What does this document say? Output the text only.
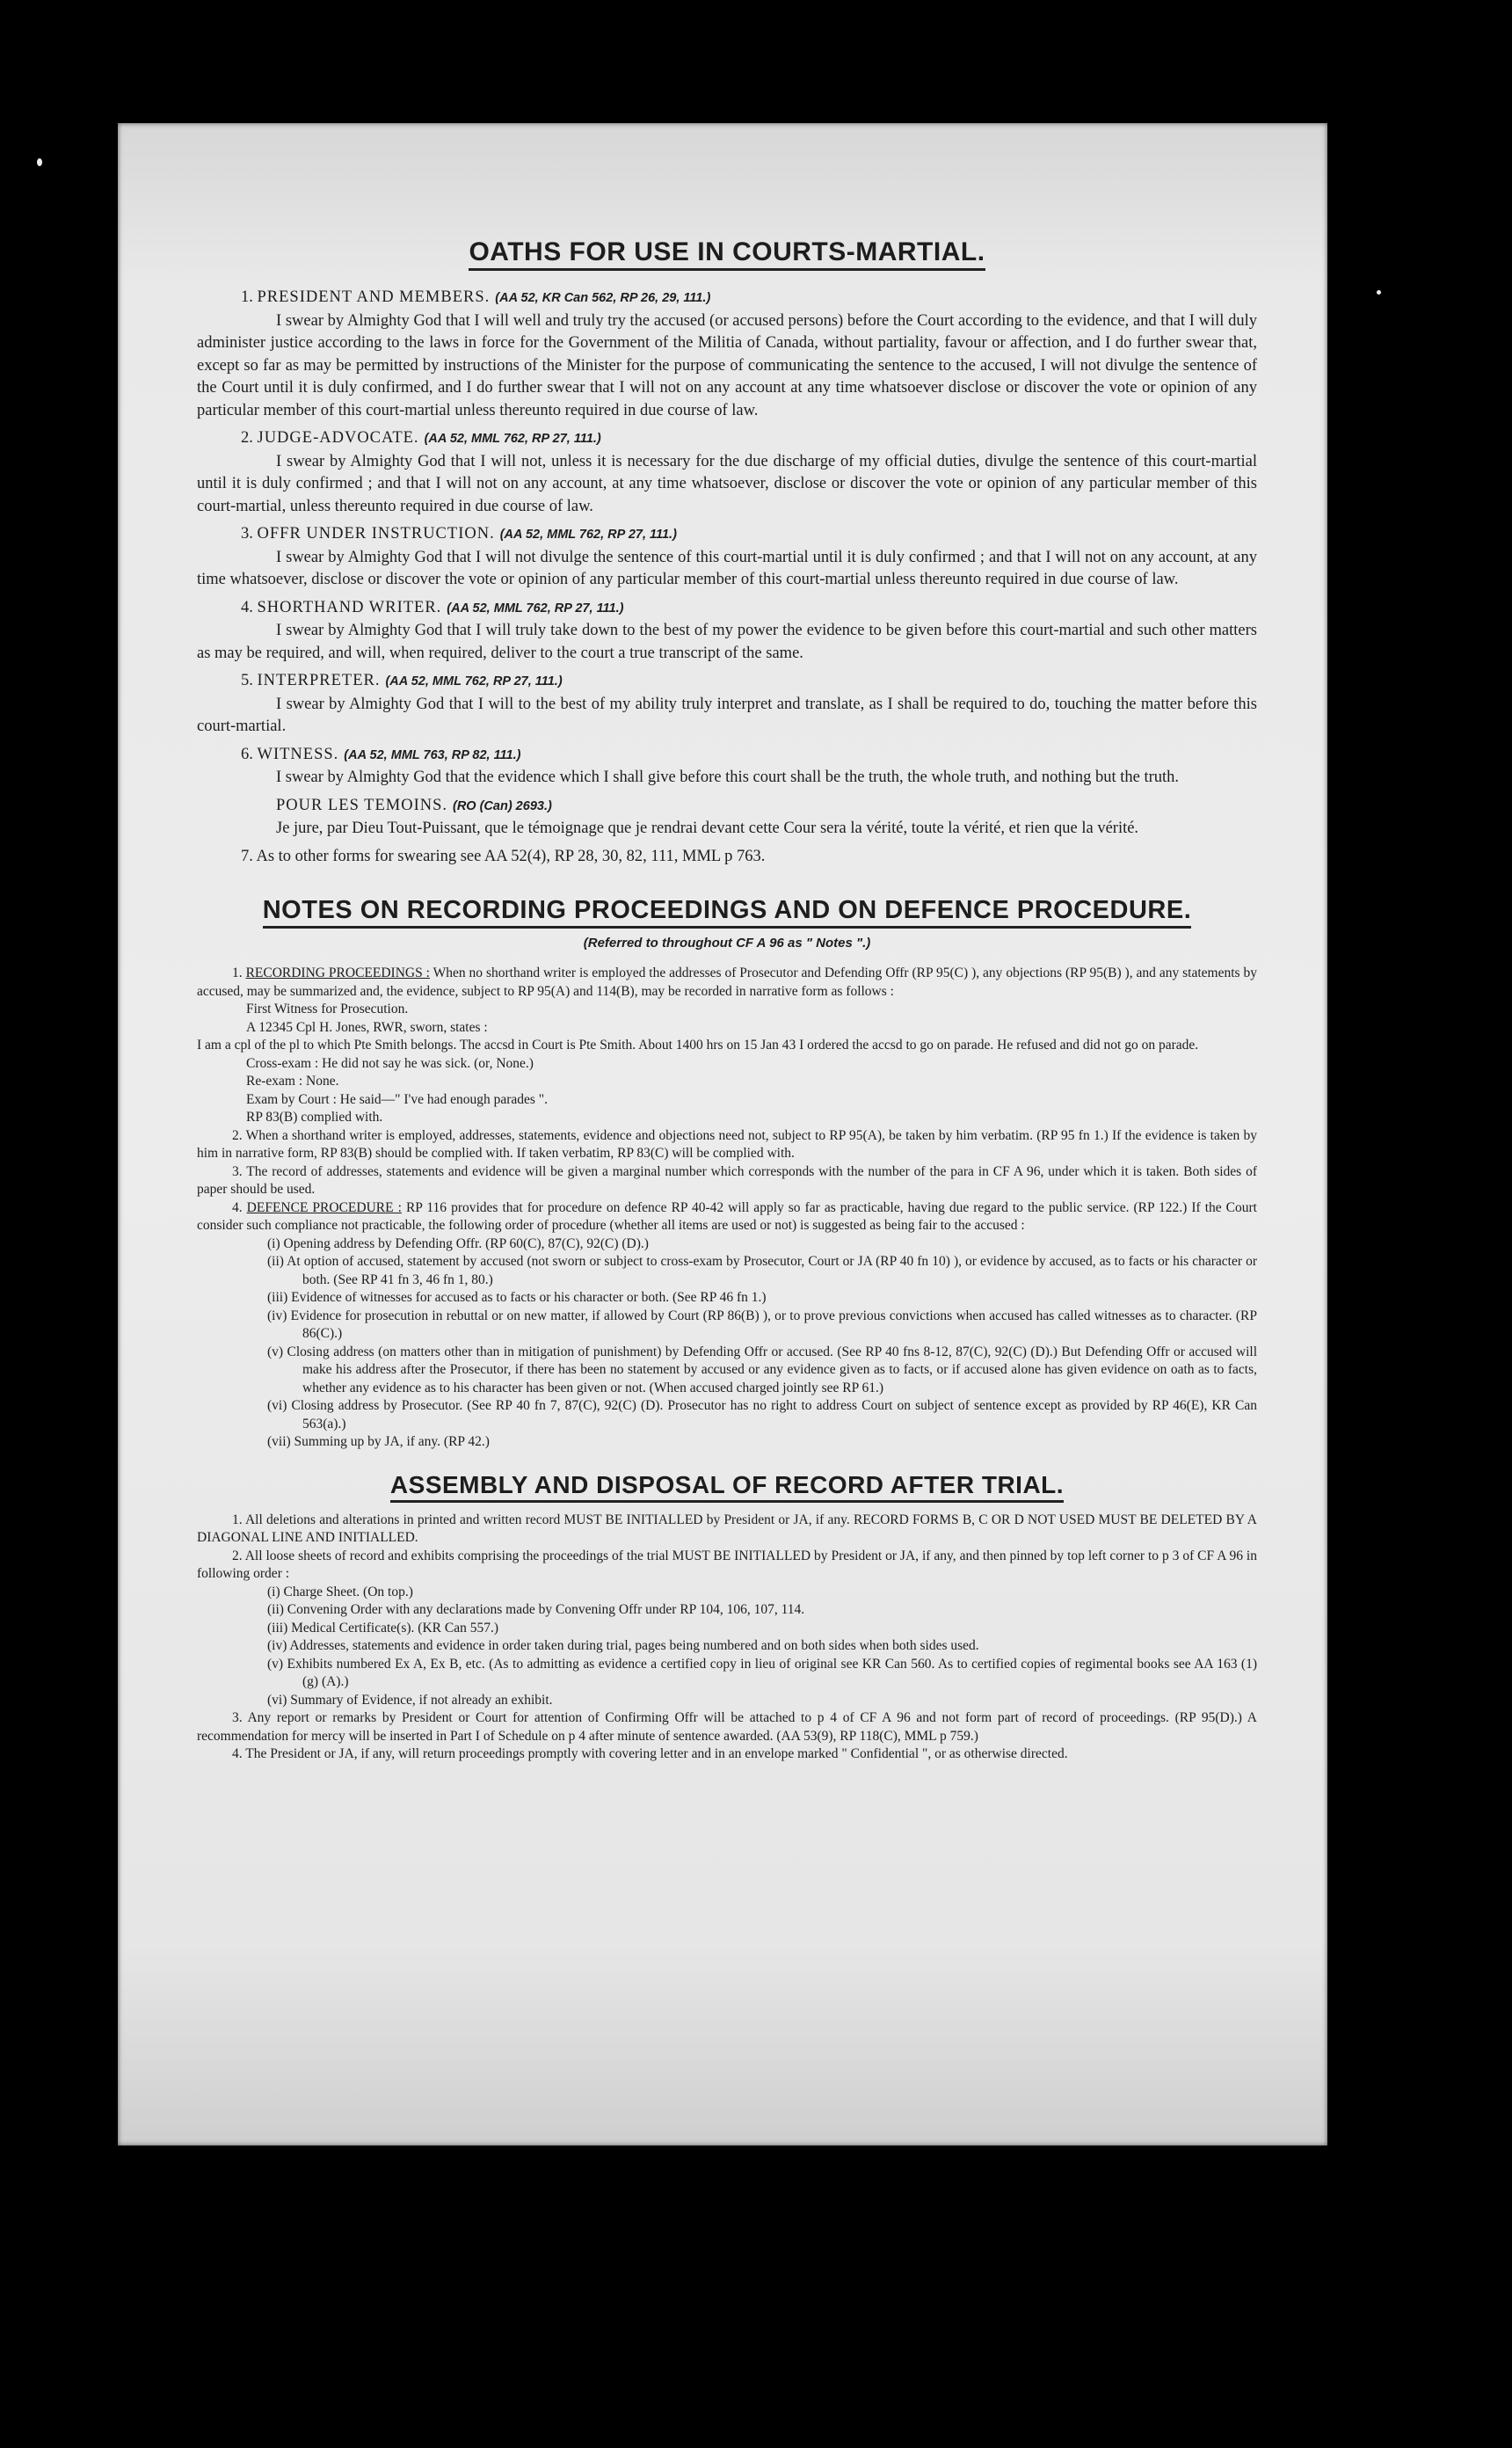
OATHS FOR USE IN COURTS-MARTIAL.
1. PRESIDENT AND MEMBERS. (AA 52, KR Can 562, RP 26, 29, 111.)
I swear by Almighty God that I will well and truly try the accused (or accused persons) before the Court according to the evidence, and that I will duly administer justice according to the laws in force for the Government of the Militia of Canada, without partiality, favour or affection, and I do further swear that, except so far as may be permitted by instructions of the Minister for the purpose of communicating the sentence to the accused, I will not divulge the sentence of the Court until it is duly confirmed, and I do further swear that I will not on any account at any time whatsoever disclose or discover the vote or opinion of any particular member of this court-martial unless thereunto required in due course of law.
2. JUDGE-ADVOCATE. (AA 52, MML 762, RP 27, 111.)
I swear by Almighty God that I will not, unless it is necessary for the due discharge of my official duties, divulge the sentence of this court-martial until it is duly confirmed ; and that I will not on any account, at any time whatsoever, disclose or discover the vote or opinion of any particular member of this court-martial, unless thereunto required in due course of law.
3. OFFR UNDER INSTRUCTION. (AA 52, MML 762, RP 27, 111.)
I swear by Almighty God that I will not divulge the sentence of this court-martial until it is duly confirmed ; and that I will not on any account, at any time whatsoever, disclose or discover the vote or opinion of any particular member of this court-martial unless thereunto required in due course of law.
4. SHORTHAND WRITER. (AA 52, MML 762, RP 27, 111.)
I swear by Almighty God that I will truly take down to the best of my power the evidence to be given before this court-martial and such other matters as may be required, and will, when required, deliver to the court a true transcript of the same.
5. INTERPRETER. (AA 52, MML 762, RP 27, 111.)
I swear by Almighty God that I will to the best of my ability truly interpret and translate, as I shall be required to do, touching the matter before this court-martial.
6. WITNESS. (AA 52, MML 763, RP 82, 111.)
I swear by Almighty God that the evidence which I shall give before this court shall be the truth, the whole truth, and nothing but the truth.
POUR LES TEMOINS. (RO (Can) 2693.)
Je jure, par Dieu Tout-Puissant, que le témoignage que je rendrai devant cette Cour sera la vérité, toute la vérité, et rien que la vérité.
7. As to other forms for swearing see AA 52(4), RP 28, 30, 82, 111, MML p 763.
NOTES ON RECORDING PROCEEDINGS AND ON DEFENCE PROCEDURE.
(Referred to throughout CF A 96 as " Notes ".)

1. RECORDING PROCEEDINGS : When no shorthand writer is employed the addresses of Prosecutor and Defending Offr (RP 95(C) ), any objections (RP 95(B) ), and any statements by accused, may be summarized and, the evidence, subject to RP 95(A) and 114(B), may be recorded in narrative form as follows :

First Witness for Prosecution.

A 12345 Cpl H. Jones, RWR, sworn, states :

I am a cpl of the pl to which Pte Smith belongs. The accsd in Court is Pte Smith. About 1400 hrs on 15 Jan 43 I ordered the accsd to go on parade. He refused and did not go on parade.

Cross-exam : He did not say he was sick. (or, None.)

Re-exam : None.

Exam by Court : He said—" I've had enough parades ".

RP 83(B) complied with.

2. When a shorthand writer is employed, addresses, statements, evidence and objections need not, subject to RP 95(A), be taken by him verbatim. (RP 95 fn 1.) If the evidence is taken by him in narrative form, RP 83(B) should be complied with. If taken verbatim, RP 83(C) will be complied with.

3. The record of addresses, statements and evidence will be given a marginal number which corresponds with the number of the para in CF A 96, under which it is taken. Both sides of paper should be used.

4. DEFENCE PROCEDURE : RP 116 provides that for procedure on defence RP 40-42 will apply so far as practicable, having due regard to the public service. (RP 122.) If the Court consider such compliance not practicable, the following order of procedure (whether all items are used or not) is suggested as being fair to the accused :

(i) Opening address by Defending Offr. (RP 60(C), 87(C), 92(C) (D).)

(ii) At option of accused, statement by accused (not sworn or subject to cross-exam by Prosecutor, Court or JA (RP 40 fn 10) ), or evidence by accused, as to facts or his character or both. (See RP 41 fn 3, 46 fn 1, 80.)

(iii) Evidence of witnesses for accused as to facts or his character or both. (See RP 46 fn 1.)

(iv) Evidence for prosecution in rebuttal or on new matter, if allowed by Court (RP 86(B) ), or to prove previous convictions when accused has called witnesses as to character. (RP 86(C).)

(v) Closing address (on matters other than in mitigation of punishment) by Defending Offr or accused. (See RP 40 fns 8-12, 87(C), 92(C) (D).) But Defending Offr or accused will make his address after the Prosecutor, if there has been no statement by accused or any evidence given as to facts, or if accused alone has given evidence on oath as to facts, whether any evidence as to his character has been given or not. (When accused charged jointly see RP 61.)

(vi) Closing address by Prosecutor. (See RP 40 fn 7, 87(C), 92(C) (D). Prosecutor has no right to address Court on subject of sentence except as provided by RP 46(E), KR Can 563(a).)

(vii) Summing up by JA, if any. (RP 42.)

ASSEMBLY AND DISPOSAL OF RECORD AFTER TRIAL.

1. All deletions and alterations in printed and written record MUST BE INITIALLED by President or JA, if any. RECORD FORMS B, C OR D NOT USED MUST BE DELETED BY A DIAGONAL LINE AND INITIALLED.

2. All loose sheets of record and exhibits comprising the proceedings of the trial MUST BE INITIALLED by President or JA, if any, and then pinned by top left corner to p 3 of CF A 96 in following order :

(i) Charge Sheet. (On top.)

(ii) Convening Order with any declarations made by Convening Offr under RP 104, 106, 107, 114.

(iii) Medical Certificate(s). (KR Can 557.)

(iv) Addresses, statements and evidence in order taken during trial, pages being numbered and on both sides when both sides used.

(v) Exhibits numbered Ex A, Ex B, etc. (As to admitting as evidence a certified copy in lieu of original see KR Can 560. As to certified copies of regimental books see AA 163 (1) (g) (A).)

(vi) Summary of Evidence, if not already an exhibit.

3. Any report or remarks by President or Court for attention of Confirming Offr will be attached to p 4 of CF A 96 and not form part of record of proceedings. (RP 95(D).) A recommendation for mercy will be inserted in Part I of Schedule on p 4 after minute of sentence awarded. (AA 53(9), RP 118(C), MML p 759.)

4. The President or JA, if any, will return proceedings promptly with covering letter and in an envelope marked " Confidential ", or as otherwise directed.
